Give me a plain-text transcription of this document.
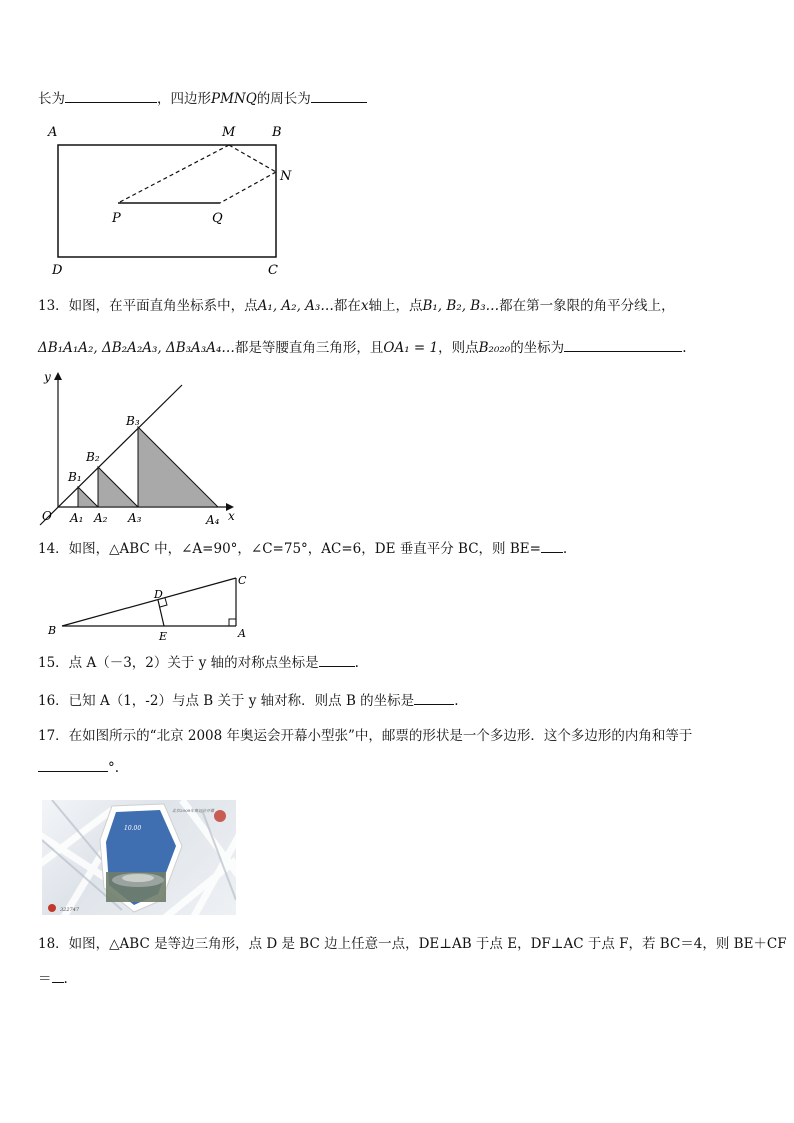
长为	，四边形PMNQ的周长为
A	M	B
N
P	Q
D	C
13．如图，在平面直角坐标系中，点A₁, A₂, A₃…都在x轴上，点B₁, B₂, B₃…都在第一象限的角平分线上，
ΔB₁A₁A₂, ΔB₂A₂A₃, ΔB₃A₃A₄…都是等腰直角三角形，且OA₁ = 1，则点B₂₀₂₀的坐标为	.
y
x
O A₁ A₂ A₃	A₄
B₁
B₂
B₃
14．如图，△ABC 中，∠A=90°，∠C=75°，AC=6，DE 垂直平分 BC，则 BE= .
B
D
C
E	A
15．点 A（－3，2）关于 y 轴的对称点坐标是	.
16．已知 A（1，-2）与点 B 关于 y 轴对称．则点 B 的坐标是	.
17．在如图所示的“北京 2008 年奥运会开幕小型张”中，邮票的形状是一个多边形．这个多边形的内角和等于
°.
10.00
北京2008年奥运会开幕
322747
18．如图，△ABC 是等边三角形，点 D 是 BC 边上任意一点，DE⊥AB 于点 E，DF⊥AC 于点 F，若 BC＝4，则 BE＋CF
＝ .
